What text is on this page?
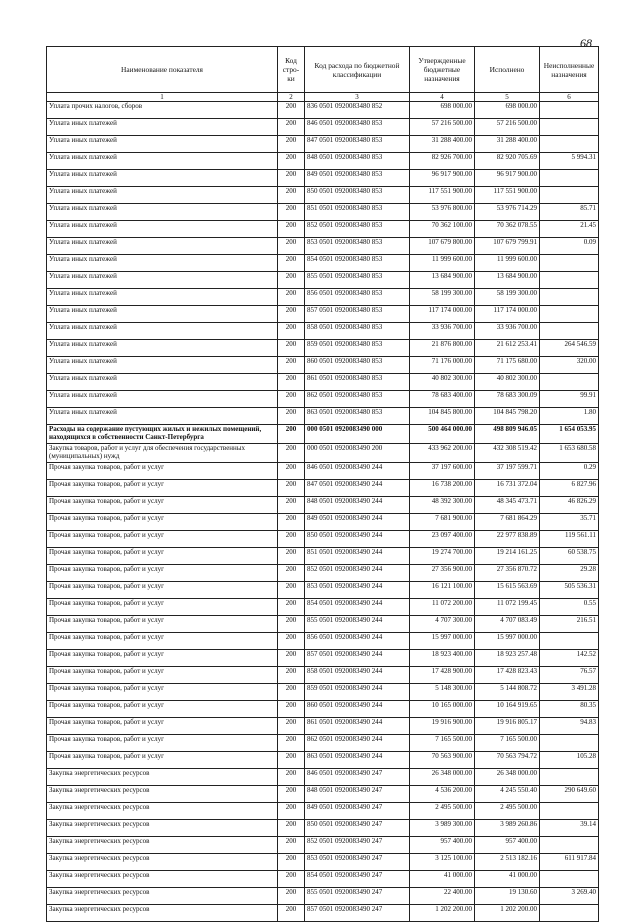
68
Наименование показателя	Код стро- ки	Код расхода по бюджетной классификации	Утвержденные бюджетные назначения	Исполнено	Неисполненные назначения
1	2	3	4	5	6
Уплата прочих налогов, сборов	200	836 0501 0920083480 852	698 000.00	698 000.00	
Уплата иных платежей	200	846 0501 0920083480 853	57 216 500.00	57 216 500.00	
Уплата иных платежей	200	847 0501 0920083480 853	31 288 400.00	31 288 400.00	
Уплата иных платежей	200	848 0501 0920083480 853	82 926 700.00	82 920 705.69	5 994.31
Уплата иных платежей	200	849 0501 0920083480 853	96 917 900.00	96 917 900.00	
Уплата иных платежей	200	850 0501 0920083480 853	117 551 900.00	117 551 900.00	
Уплата иных платежей	200	851 0501 0920083480 853	53 976 800.00	53 976 714.29	85.71
Уплата иных платежей	200	852 0501 0920083480 853	70 362 100.00	70 362 078.55	21.45
Уплата иных платежей	200	853 0501 0920083480 853	107 679 800.00	107 679 799.91	0.09
Уплата иных платежей	200	854 0501 0920083480 853	11 999 600.00	11 999 600.00	
Уплата иных платежей	200	855 0501 0920083480 853	13 684 900.00	13 684 900.00	
Уплата иных платежей	200	856 0501 0920083480 853	58 199 300.00	58 199 300.00	
Уплата иных платежей	200	857 0501 0920083480 853	117 174 000.00	117 174 000.00	
Уплата иных платежей	200	858 0501 0920083480 853	33 936 700.00	33 936 700.00	
Уплата иных платежей	200	859 0501 0920083480 853	21 876 800.00	21 612 253.41	264 546.59
Уплата иных платежей	200	860 0501 0920083480 853	71 176 000.00	71 175 680.00	320.00
Уплата иных платежей	200	861 0501 0920083480 853	40 802 300.00	40 802 300.00	
Уплата иных платежей	200	862 0501 0920083480 853	78 683 400.00	78 683 300.09	99.91
Уплата иных платежей	200	863 0501 0920083480 853	104 845 800.00	104 845 798.20	1.80
Расходы на содержание пустующих жилых и нежилых помещений, находящихся в собственности Санкт-Петербурга	200	000 0501 0920083490 000	500 464 000.00	498 809 946.05	1 654 053.95
Закупка товаров, работ и услуг для обеспечения государственных (муниципальных) нужд	200	000 0501 0920083490 200	433 962 200.00	432 308 519.42	1 653 680.58
Прочая закупка товаров, работ и услуг	200	846 0501 0920083490 244	37 197 600.00	37 197 599.71	0.29
Прочая закупка товаров, работ и услуг	200	847 0501 0920083490 244	16 738 200.00	16 731 372.04	6 827.96
Прочая закупка товаров, работ и услуг	200	848 0501 0920083490 244	48 392 300.00	48 345 473.71	46 826.29
Прочая закупка товаров, работ и услуг	200	849 0501 0920083490 244	7 681 900.00	7 681 864.29	35.71
Прочая закупка товаров, работ и услуг	200	850 0501 0920083490 244	23 097 400.00	22 977 838.89	119 561.11
Прочая закупка товаров, работ и услуг	200	851 0501 0920083490 244	19 274 700.00	19 214 161.25	60 538.75
Прочая закупка товаров, работ и услуг	200	852 0501 0920083490 244	27 356 900.00	27 356 870.72	29.28
Прочая закупка товаров, работ и услуг	200	853 0501 0920083490 244	16 121 100.00	15 615 563.69	505 536.31
Прочая закупка товаров, работ и услуг	200	854 0501 0920083490 244	11 072 200.00	11 072 199.45	0.55
Прочая закупка товаров, работ и услуг	200	855 0501 0920083490 244	4 707 300.00	4 707 083.49	216.51
Прочая закупка товаров, работ и услуг	200	856 0501 0920083490 244	15 997 000.00	15 997 000.00	
Прочая закупка товаров, работ и услуг	200	857 0501 0920083490 244	18 923 400.00	18 923 257.48	142.52
Прочая закупка товаров, работ и услуг	200	858 0501 0920083490 244	17 428 900.00	17 428 823.43	76.57
Прочая закупка товаров, работ и услуг	200	859 0501 0920083490 244	5 148 300.00	5 144 808.72	3 491.28
Прочая закупка товаров, работ и услуг	200	860 0501 0920083490 244	10 165 000.00	10 164 919.65	80.35
Прочая закупка товаров, работ и услуг	200	861 0501 0920083490 244	19 916 900.00	19 916 805.17	94.83
Прочая закупка товаров, работ и услуг	200	862 0501 0920083490 244	7 165 500.00	7 165 500.00	
Прочая закупка товаров, работ и услуг	200	863 0501 0920083490 244	70 563 900.00	70 563 794.72	105.28
Закупка энергетических ресурсов	200	846 0501 0920083490 247	26 348 000.00	26 348 000.00	
Закупка энергетических ресурсов	200	848 0501 0920083490 247	4 536 200.00	4 245 550.40	290 649.60
Закупка энергетических ресурсов	200	849 0501 0920083490 247	2 495 500.00	2 495 500.00	
Закупка энергетических ресурсов	200	850 0501 0920083490 247	3 989 300.00	3 989 260.86	39.14
Закупка энергетических ресурсов	200	852 0501 0920083490 247	957 400.00	957 400.00	
Закупка энергетических ресурсов	200	853 0501 0920083490 247	3 125 100.00	2 513 182.16	611 917.84
Закупка энергетических ресурсов	200	854 0501 0920083490 247	41 000.00	41 000.00	
Закупка энергетических ресурсов	200	855 0501 0920083490 247	22 400.00	19 130.60	3 269.40
Закупка энергетических ресурсов	200	857 0501 0920083490 247	1 202 200.00	1 202 200.00	
